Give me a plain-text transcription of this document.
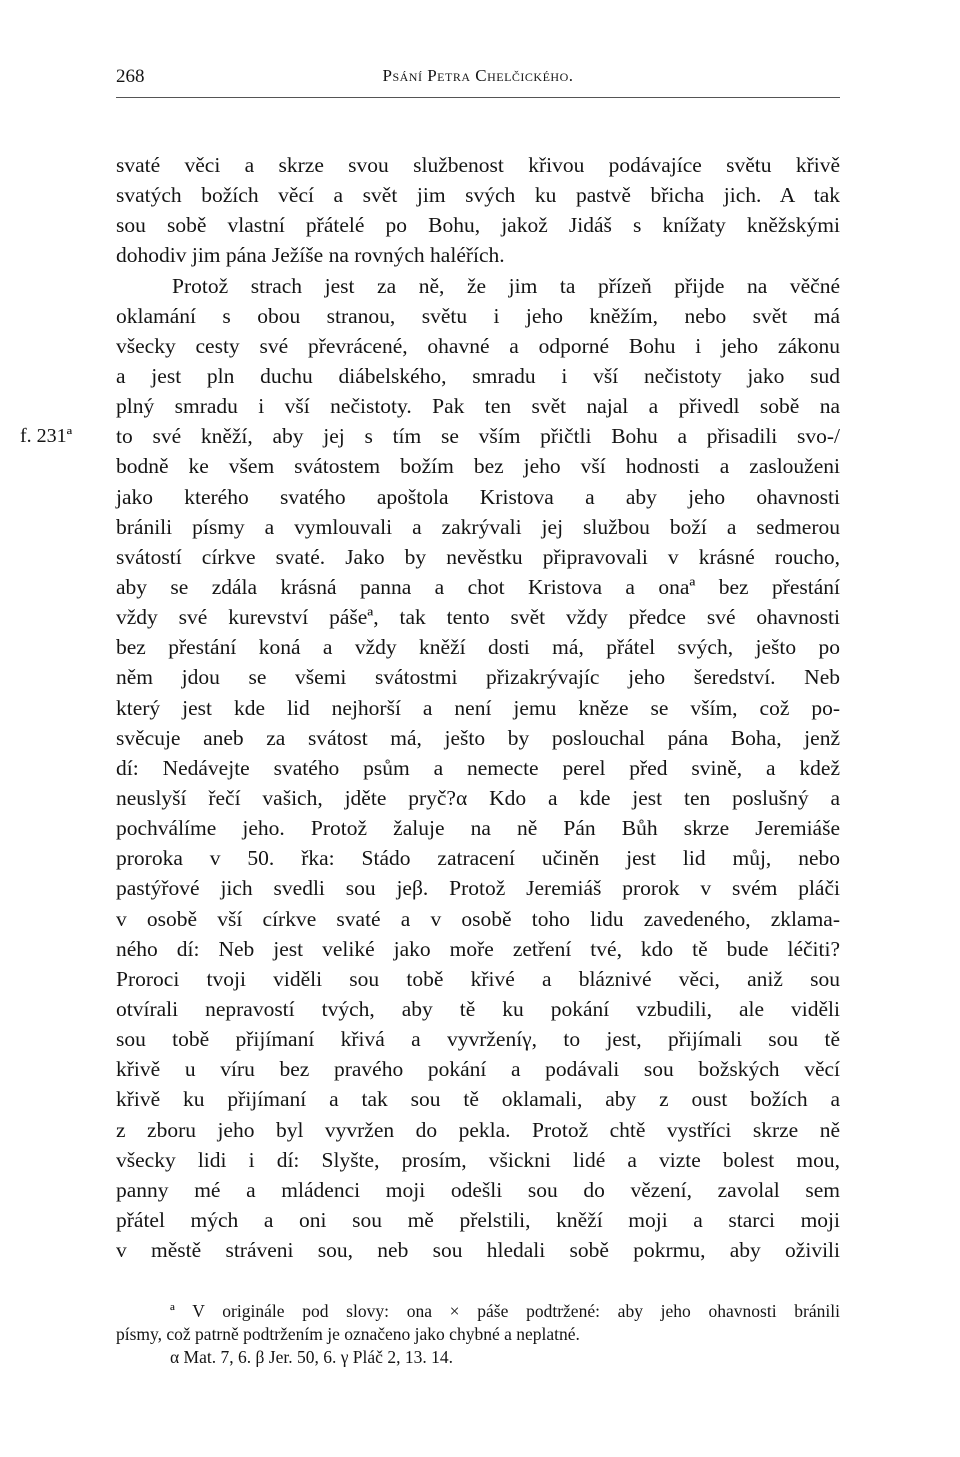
268	Psání Petra Chelčického.
svaté věci a skrze svou službenost křivou podávajíce světu křivě
svatých božích věcí a svět jim svých ku pastvě břicha jich. A tak
sou sobě vlastní přátelé po Bohu, jakož Jidáš s knížaty kněžskými
dohodiv jim pána Ježíše na rovných haléřích.
Protož strach jest za ně, že jim ta přízeň přijde na věčné
oklamání s obou stranou, světu i jeho kněžím, nebo svět má
všecky cesty své převrácené, ohavné a odporné Bohu i jeho zákonu
a jest pln duchu diábelského, smradu i vší nečistoty jako sud
plný smradu i vší nečistoty. Pak ten svět najal a přivedl sobě na
f. 231ª to své kněží, aby jej s tím se vším přičtli Bohu a přisadili svo-/
bodně ke všem svátostem božím bez jeho vší hodnosti a zaslouženi
jako kterého svatého apoštola Kristova a aby jeho ohavnosti
bránili písmy a vymlouvali a zakrývali jej službou boží a sedmerou
svátostí církve svaté. Jako by nevěstku připravovali v krásné roucho,
aby se zdála krásná panna a chot Kristova a onaª bez přestání
vždy své kurevství pášeª, tak tento svět vždy předce své ohavnosti
bez přestání koná a vždy kněží dosti má, přátel svých, ješto po
něm jdou se všemi svátostmi přizakrývajíc jeho šeredství. Neb
který jest kde lid nejhorší a není jemu kněze se vším, což po-
svěcuje aneb za svátost má, ješto by poslouchal pána Boha, jenž
dí: Nedávejte svatého psům a nemecte perel před svině, a kdež
neuslyší řečí vašich, jděte pryč?α Kdo a kde jest ten poslušný a
pochválíme jeho. Protož žaluje na ně Pán Bůh skrze Jeremiáše
proroka v 50. řka: Stádo zatracení učiněn jest lid můj, nebo
pastýřové jich svedli sou jeβ. Protož Jeremiáš prorok v svém pláči
v osobě vší církve svaté a v osobě toho lidu zavedeného, zklama-
ného dí: Neb jest veliké jako moře zetření tvé, kdo tě bude léčiti?
Proroci tvoji viděli sou tobě křivé a bláznivé věci, aniž sou
otvírali nepravostí tvých, aby tě ku pokání vzbudili, ale viděli
sou tobě přijímaní křivá a vyvrženíγ, to jest, přijímali sou tě
křivě u víru bez pravého pokání a podávali sou božských věcí
křivě ku přijímaní a tak sou tě oklamali, aby z oust božích a
z zboru jeho byl vyvržen do pekla. Protož chtě vystříci skrze ně
všecky lidi i dí: Slyšte, prosím, všickni lidé a vizte bolest mou,
panny mé a mládenci moji odešli sou do vězení, zavolal sem
přátel mých a oni sou mě přelstili, kněží moji a starci moji
v městě stráveni sou, neb sou hledali sobě pokrmu, aby oživili
ª V originále pod slovy: ona × páše podtržené: aby jeho ohavnosti bránili
písmy, což patrně podtržením je označeno jako chybné a neplatné.
α Mat. 7, 6. β Jer. 50, 6. γ Pláč 2, 13. 14.
